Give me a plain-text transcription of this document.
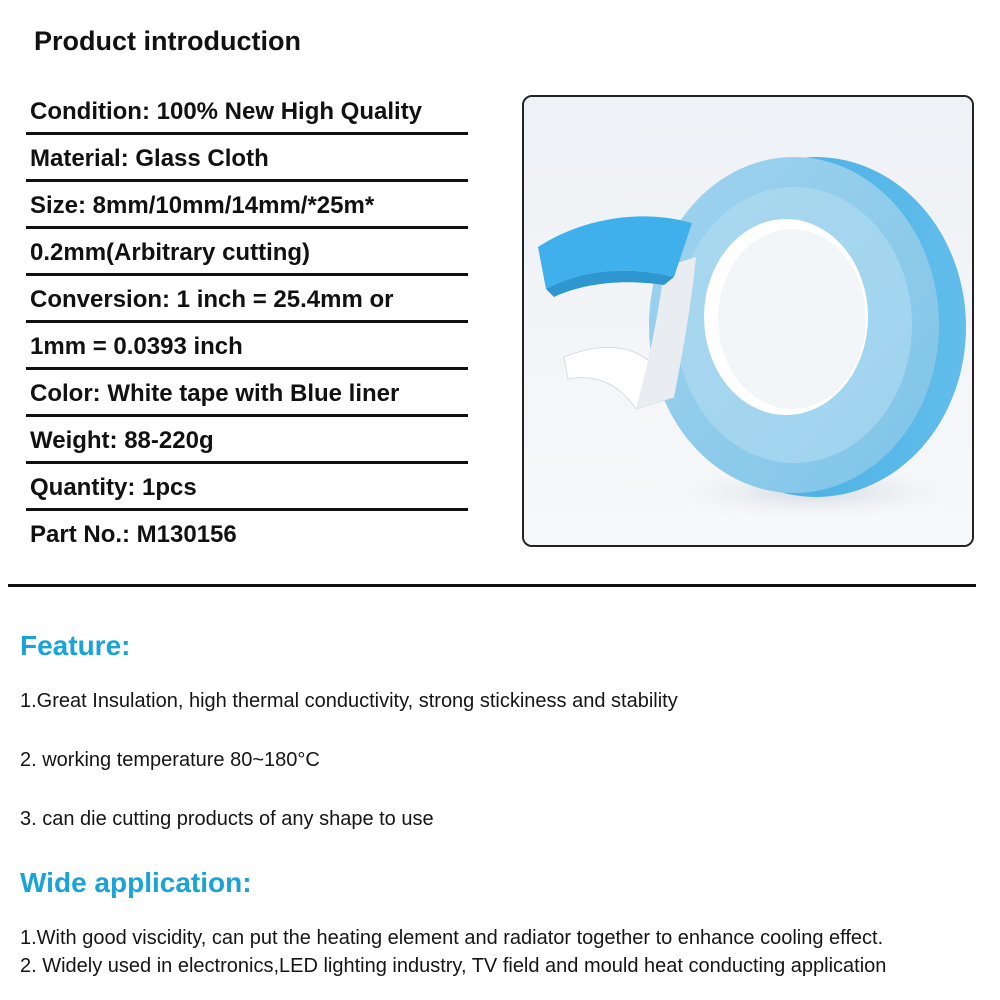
Product introduction
Condition: 100% New High Quality
Material: Glass Cloth
Size: 8mm/10mm/14mm/*25m*
0.2mm(Arbitrary cutting)
Conversion: 1 inch = 25.4mm or
1mm = 0.0393 inch
Color: White tape with Blue liner
Weight: 88-220g
Quantity: 1pcs
Part No.: M130156
Feature:
1.Great Insulation, high thermal conductivity, strong stickiness and stability
2. working temperature 80~180°C
3. can die cutting products of any shape to use
Wide application:
1.With good viscidity, can put the heating element and radiator together to enhance cooling effect.
2. Widely used in electronics,LED lighting industry, TV field and mould heat conducting application
